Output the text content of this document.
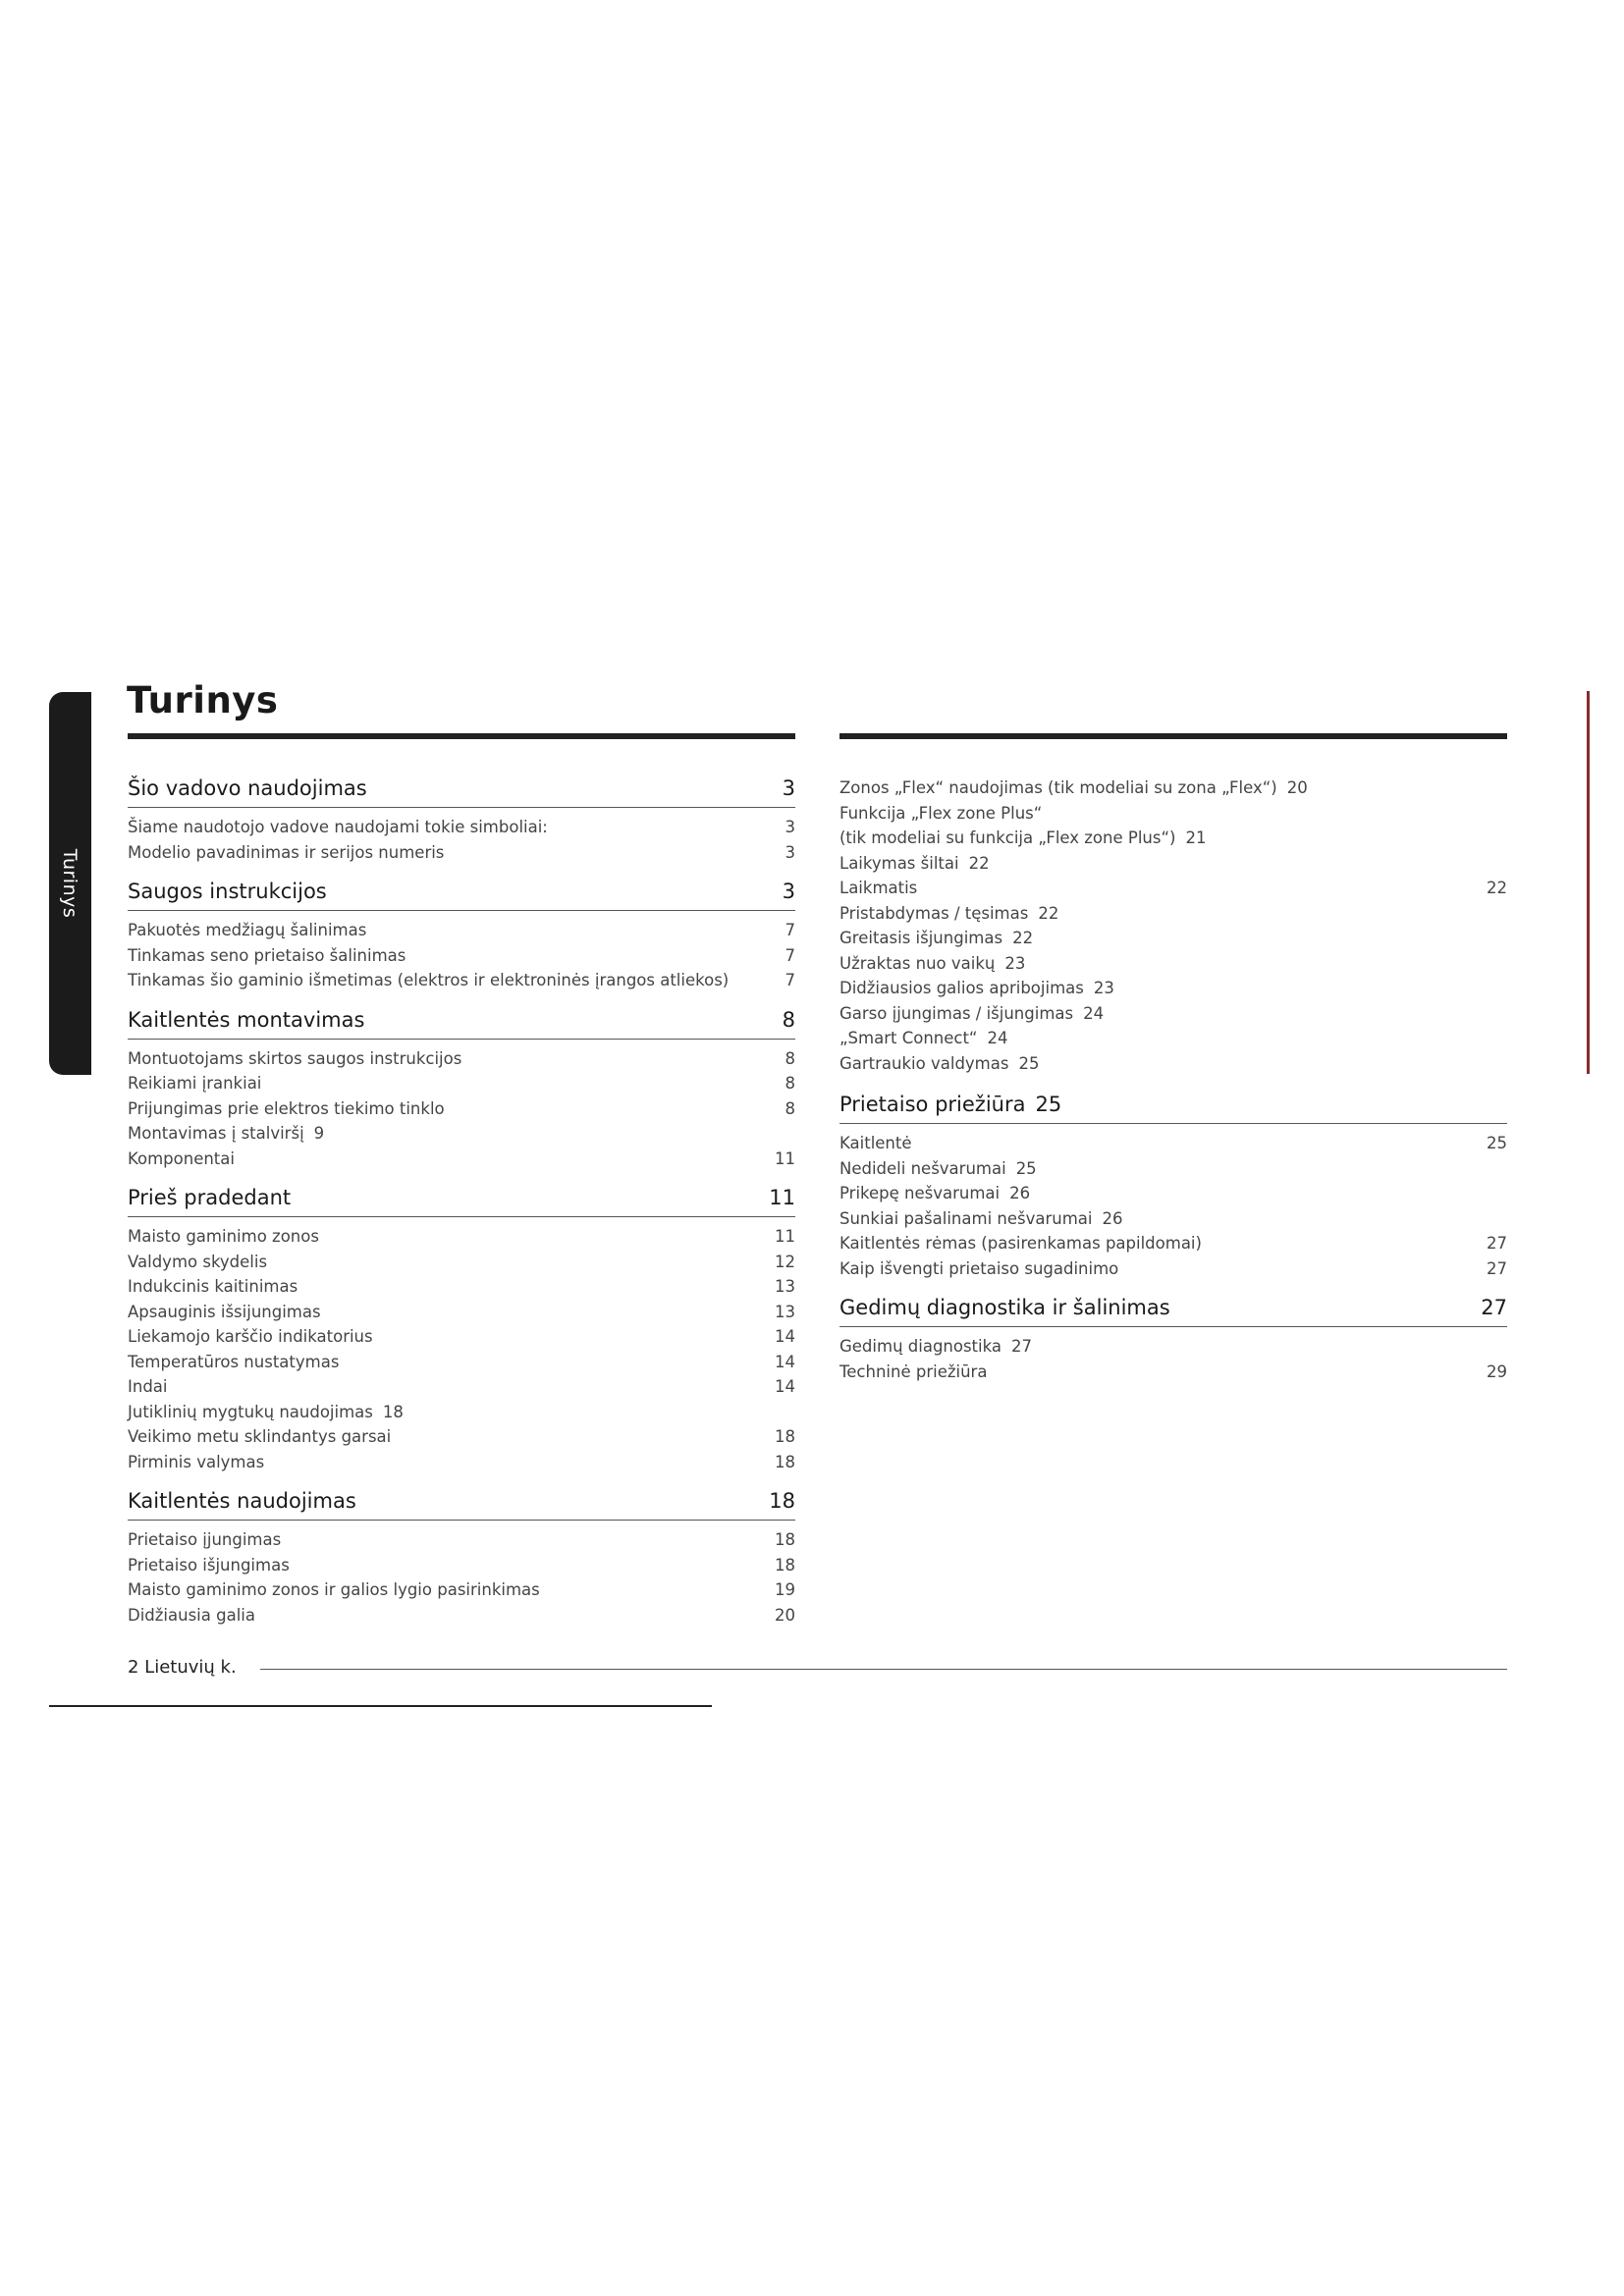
Turinys
Turinys
Šio vadovo naudojimas	3
Šiame naudotojo vadove naudojami tokie simboliai:	3
Modelio pavadinimas ir serijos numeris	3
Saugos instrukcijos	3
Pakuotės medžiagų šalinimas	7
Tinkamas seno prietaiso šalinimas	7
Tinkamas šio gaminio išmetimas (elektros ir elektroninės įrangos atliekos)	7
Kaitlentės montavimas	8
Montuotojams skirtos saugos instrukcijos	8
Reikiami įrankiai	8
Prijungimas prie elektros tiekimo tinklo	8
Montavimas į stalviršį 9
Komponentai	11
Prieš pradedant	11
Maisto gaminimo zonos	11
Valdymo skydelis	12
Indukcinis kaitinimas	13
Apsauginis išsijungimas	13
Liekamojo karščio indikatorius	14
Temperatūros nustatymas	14
Indai	14
Jutiklinių mygtukų naudojimas 18
Veikimo metu sklindantys garsai	18
Pirminis valymas	18
Kaitlentės naudojimas	18
Prietaiso įjungimas	18
Prietaiso išjungimas	18
Maisto gaminimo zonos ir galios lygio pasirinkimas	19
Didžiausia galia	20
Zonos „Flex“ naudojimas (tik modeliai su zona „Flex“) 20
Funkcija „Flex zone Plus“
(tik modeliai su funkcija „Flex zone Plus“) 21
Laikymas šiltai 22
Laikmatis	22
Pristabdymas / tęsimas 22
Greitasis išjungimas 22
Užraktas nuo vaikų 23
Didžiausios galios apribojimas 23
Garso įjungimas / išjungimas 24
„Smart Connect“ 24
Gartraukio valdymas 25
Prietaiso priežiūra 25
Kaitlentė	25
Nedideli nešvarumai 25
Prikepę nešvarumai 26
Sunkiai pašalinami nešvarumai 26
Kaitlentės rėmas (pasirenkamas papildomai)	27
Kaip išvengti prietaiso sugadinimo	27
Gedimų diagnostika ir šalinimas	27
Gedimų diagnostika 27
Techninė priežiūra	29
2 Lietuvių k.
